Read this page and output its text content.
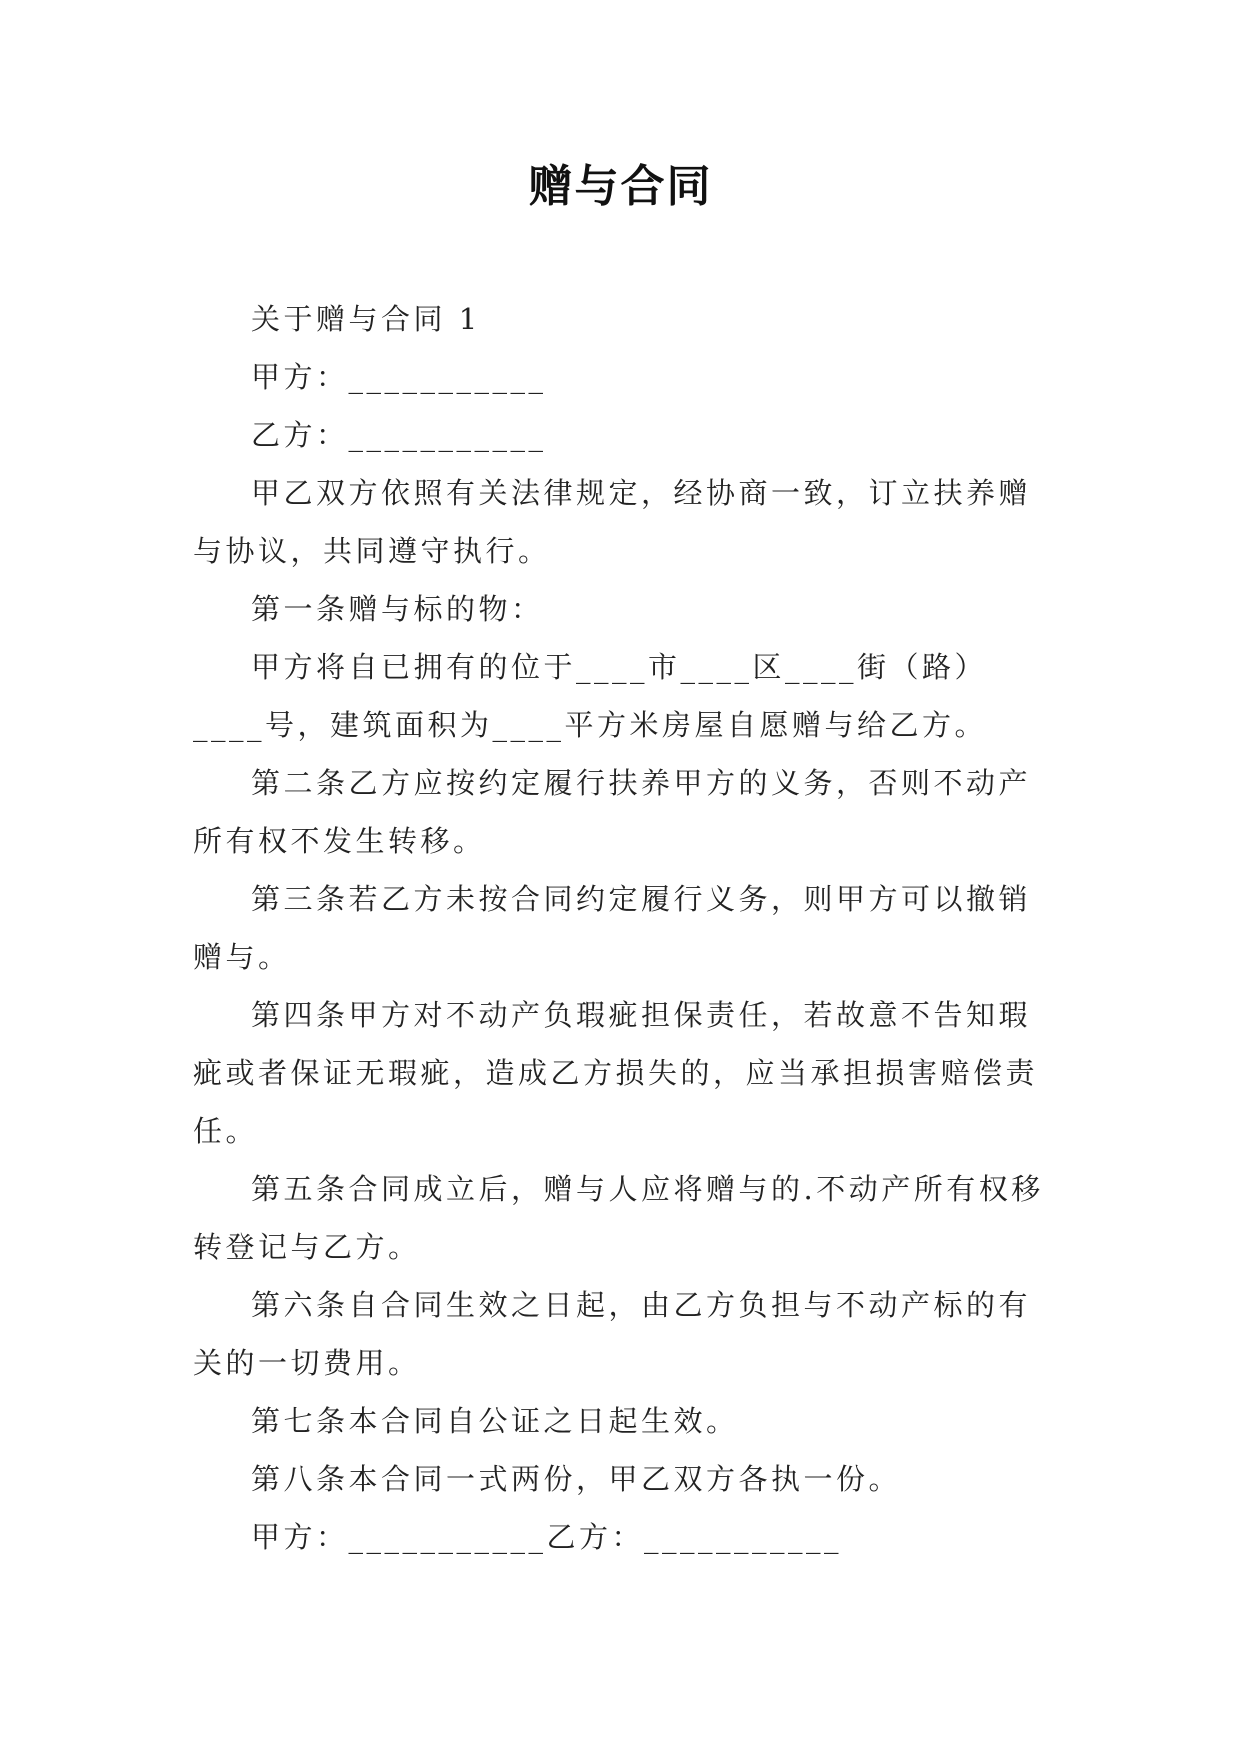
赠与合同

关于赠与合同 1

甲方：___________

乙方：___________

甲乙双方依照有关法律规定，经协商一致，订立扶养赠与协议，共同遵守执行。

第一条赠与标的物：

甲方将自已拥有的位于____市____区____街（路）____号，建筑面积为____平方米房屋自愿赠与给乙方。

第二条乙方应按约定履行扶养甲方的义务，否则不动产所有权不发生转移。

第三条若乙方未按合同约定履行义务，则甲方可以撤销赠与。

第四条甲方对不动产负瑕疵担保责任，若故意不告知瑕疵或者保证无瑕疵，造成乙方损失的，应当承担损害赔偿责任。

第五条合同成立后，赠与人应将赠与的.不动产所有权移转登记与乙方。

第六条自合同生效之日起，由乙方负担与不动产标的有关的一切费用。

第七条本合同自公证之日起生效。

第八条本合同一式两份，甲乙双方各执一份。

甲方：___________乙方：___________
